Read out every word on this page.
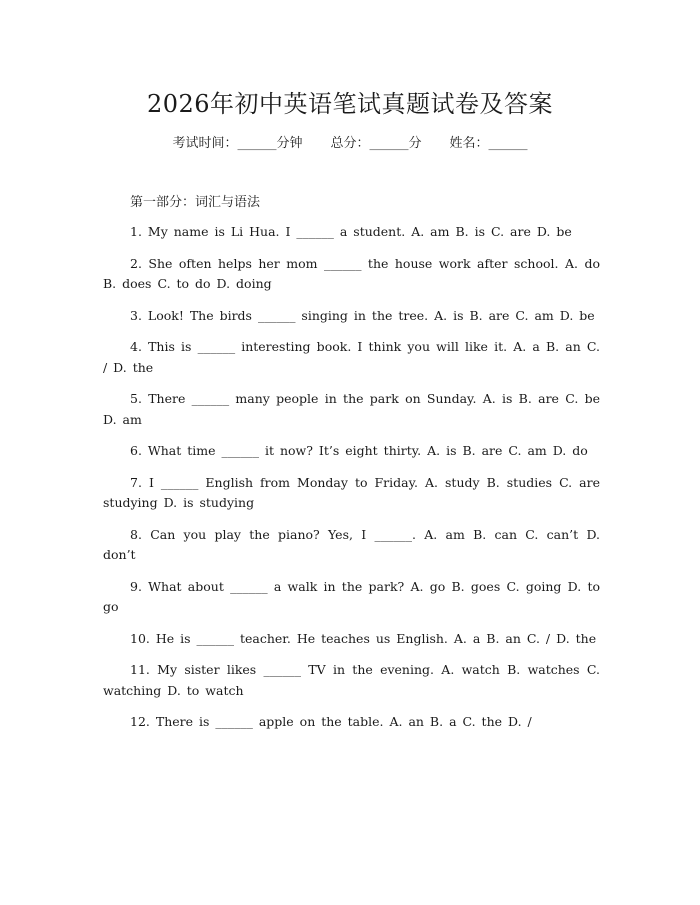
2026年初中英语笔试真题试卷及答案
考试时间：______分钟 总分：______分 姓名：______
第一部分：词汇与语法

1. My name is Li Hua. I ______ a student. A. am B. is C. are D. be

2. She often helps her mom ______ the house work after school. A. do B. does C. to do D. doing

3. Look! The birds ______ singing in the tree. A. is B. are C. am D. be

4. This is ______ interesting book. I think you will like it. A. a B. an C. / D. the

5. There ______ many people in the park on Sunday. A. is B. are C. be D. am

6. What time ______ it now? It’s eight thirty. A. is B. are C. am D. do

7. I ______ English from Monday to Friday. A. study B. studies C. are studying D. is studying

8. Can you play the piano? Yes, I ______. A. am B. can C. can’t D. don’t

9. What about ______ a walk in the park? A. go B. goes C. going D. to go

10. He is ______ teacher. He teaches us English. A. a B. an C. / D. the

11. My sister likes ______ TV in the evening. A. watch B. watches C. watching D. to watch

12. There is ______ apple on the table. A. an B. a C. the D. /
